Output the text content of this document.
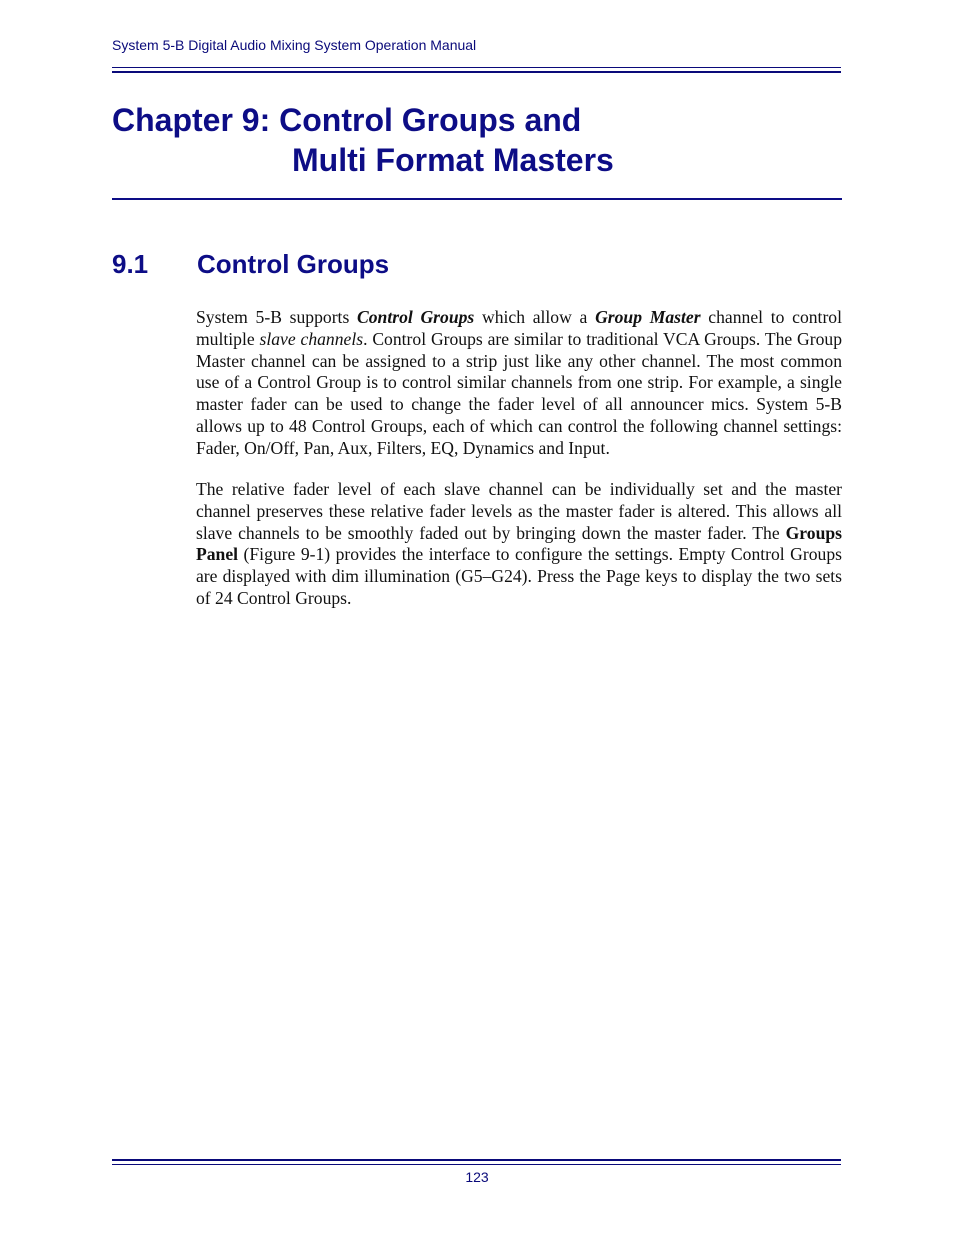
System 5-B Digital Audio Mixing System Operation Manual
Chapter 9: Control Groups and
Multi Format Masters
9.1 Control Groups

System 5-B supports Control Groups which allow a Group Master channel to control multiple slave channels. Control Groups are similar to traditional VCA Groups. The Group Master channel can be assigned to a strip just like any other channel. The most common use of a Control Group is to control similar channels from one strip. For example, a single master fader can be used to change the fader level of all announcer mics. System 5-B allows up to 48 Control Groups, each of which can control the following channel settings: Fader, On/Off, Pan, Aux, Filters, EQ, Dynamics and Input.

The relative fader level of each slave channel can be individually set and the master channel preserves these relative fader levels as the master fader is altered. This allows all slave channels to be smoothly faded out by bringing down the master fader. The Groups Panel (Figure 9-1) provides the interface to configure the settings. Empty Control Groups are displayed with dim illumination (G5–G24). Press the Page keys to display the two sets of 24 Control Groups.

123
